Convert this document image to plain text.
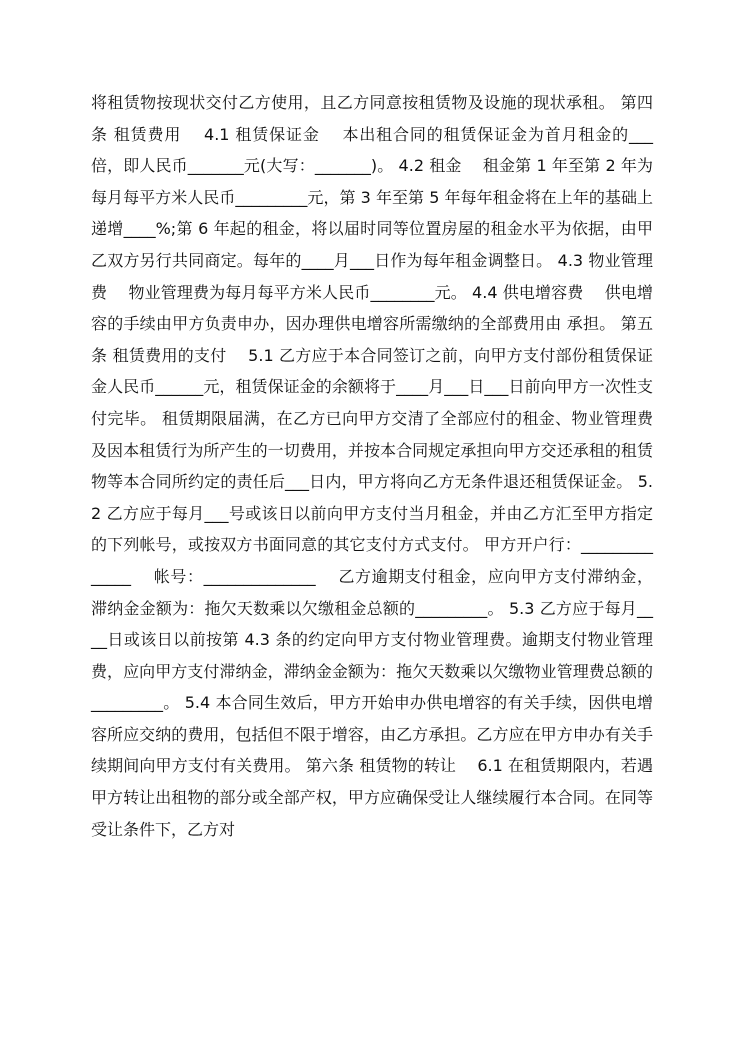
将租赁物按现状交付乙方使用，且乙方同意按租赁物及设施的现状承租。 第四条 租赁费用　 4.1 租赁保证金　 本出租合同的租赁保证金为首月租金的___倍，即人民币_______元(大写：_______)。 4.2 租金　 租金第 1 年至第 2 年为每月每平方米人民币_________元，第 3 年至第 5 年每年租金将在上年的基础上递增____%;第 6 年起的租金，将以届时同等位置房屋的租金水平为依据，由甲乙双方另行共同商定。每年的____月___日作为每年租金调整日。 4.3 物业管理费　 物业管理费为每月每平方米人民币________元。 4.4 供电增容费　 供电增容的手续由甲方负责申办，因办理供电增容所需缴纳的全部费用由 承担。 第五条 租赁费用的支付　 5.1 乙方应于本合同签订之前，向甲方支付部份租赁保证金人民币______元，租赁保证金的余额将于____月___日___日前向甲方一次性支付完毕。 租赁期限届满，在乙方已向甲方交清了全部应付的租金、物业管理费及因本租赁行为所产生的一切费用，并按本合同规定承担向甲方交还承租的租赁物等本合同所约定的责任后___日内，甲方将向乙方无条件退还租赁保证金。 5.2 乙方应于每月___号或该日以前向甲方支付当月租金，并由乙方汇至甲方指定的下列帐号，或按双方书面同意的其它支付方式支付。 甲方开户行：______________　 帐号：______________　 乙方逾期支付租金，应向甲方支付滞纳金，滞纳金金额为：拖欠天数乘以欠缴租金总额的_________。 5.3 乙方应于每月____日或该日以前按第 4.3 条的约定向甲方支付物业管理费。逾期支付物业管理费，应向甲方支付滞纳金，滞纳金金额为：拖欠天数乘以欠缴物业管理费总额的_________。 5.4 本合同生效后，甲方开始申办供电增容的有关手续，因供电增容所应交纳的费用，包括但不限于增容，由乙方承担。乙方应在甲方申办有关手续期间向甲方支付有关费用。 第六条 租赁物的转让　 6.1 在租赁期限内，若遇甲方转让出租物的部分或全部产权，甲方应确保受让人继续履行本合同。在同等受让条件下，乙方对
